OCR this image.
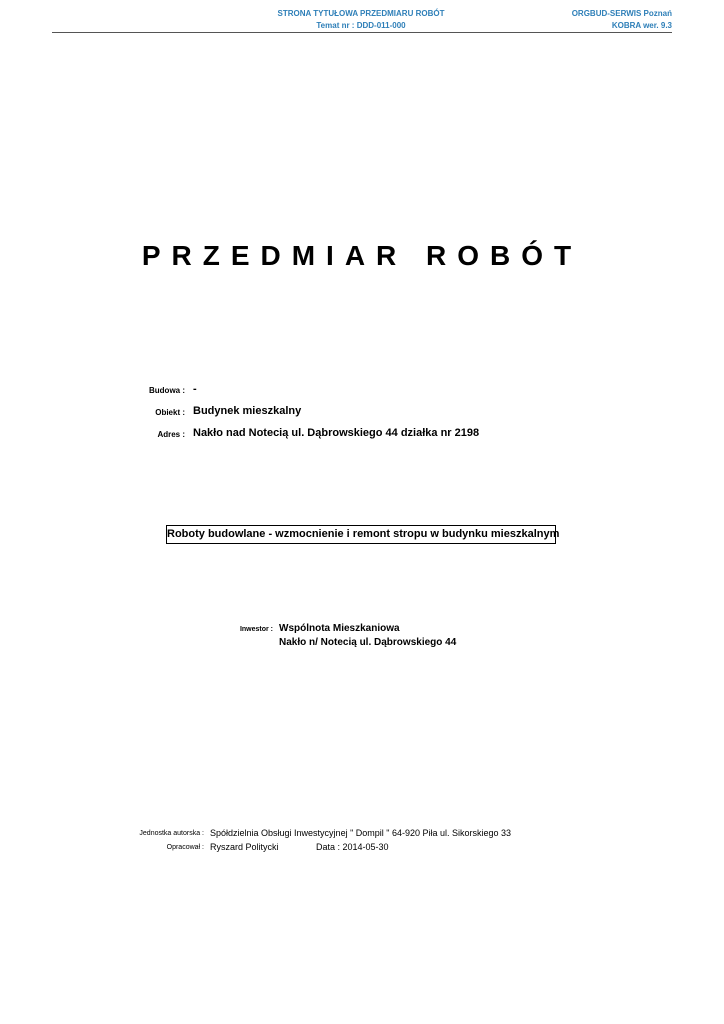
STRONA TYTUŁOWA PRZEDMIARU ROBÓT
Temat nr : DDD-011-000
ORGBUD-SERWIS Poznań
KOBRA wer. 9.3
PRZEDMIAR ROBÓT
Budowa : -
Obiekt : Budynek mieszkalny
Adres : Nakło nad Notecią ul. Dąbrowskiego 44 działka nr 2198
Roboty budowlane - wzmocnienie i remont stropu w budynku mieszkalnym
Inwestor : Wspólnota Mieszkaniowa
Nakło n/ Notecią ul. Dąbrowskiego 44
Jednostka autorska : Spółdzielnia Obsługi Inwestycyjnej " Dompil " 64-920 Piła ul. Sikorskiego 33
Opracował : Ryszard Politycki	Data : 2014-05-30
